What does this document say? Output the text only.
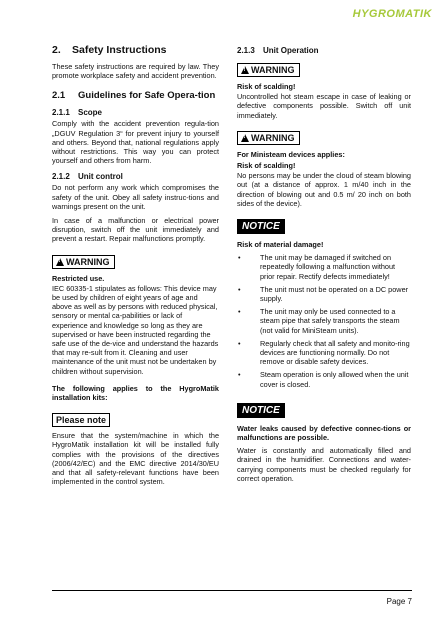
HYGROMATIK
2.	Safety Instructions

These safety instructions are required by law. They promote workplace safety and accident prevention.

2.1	Guidelines for Safe Opera-tion
2.1.1	Scope

Comply with the accident prevention regula-tion „DGUV Regulation 3“ for prevent injury to yourself and others. Beyond that, national regulations apply without restrictions. This way you can protect yourself and others from harm.

2.1.2	Unit control

Do not perform any work which compromises the safety of the unit. Obey all safety instruc-tions and warnings present on the unit.

In case of a malfunction or electrical power disruption, switch off the unit immediately and prevent a restart. Repair malfunctions promptly.

!
WARNING

Restricted use.

IEC 60335-1 stipulates as follows: This device may be used by children of eight years of age and above as well as by persons with reduced physical, sensory or mental ca-pabilities or lack of experience and knowledge so long as they are supervised or have been instructed regarding the safe use of the de-vice and understand the hazards that may re-sult from it. Cleaning and user maintenance of the unit must not be undertaken by children without supervision.

The following applies to the HygroMatik installation kits:

Please note

Ensure that the system/machine in which the HygroMatik installation kit will be installed fully complies with the provisions of the directives (2006/42/EC) and the EMC directive 2014/30/EU and that all safety-relevant functions have been implemented in the control system.

2.1.3	Unit Operation
!
WARNING

Risk of scalding!

Uncontrolled hot steam escape in case of leaking or defective components possible. Switch off unit immediately.

!
WARNING

For Ministeam devices applies:

Risk of scalding!

No persons may be under the cloud of steam blowing out (at a distance of approx. 1 m/40 inch in the direction of blowing out and 0.5 m/ 20 inch on both sides of the device).

NOTICE

Risk of material damage!

•	The unit may be damaged if switched on repeatedly following a malfunction without prior repair. Rectify defects immediately!
•	The unit must not be operated on a DC power supply.
•	The unit may only be used connected to a steam pipe that safely transports the steam (not valid for MiniSteam units).
•	Regularly check that all safety and monito-ring devices are functioning normally. Do not remove or disable safety devices.
•	Steam operation is only allowed when the unit cover is closed.
NOTICE

Water leaks caused by defective connec-tions or malfunctions are possible.

Water is constantly and automatically filled and drained in the humidifier. Connections and water-carrying components must be checked regularly for correct operation.

Page 7
